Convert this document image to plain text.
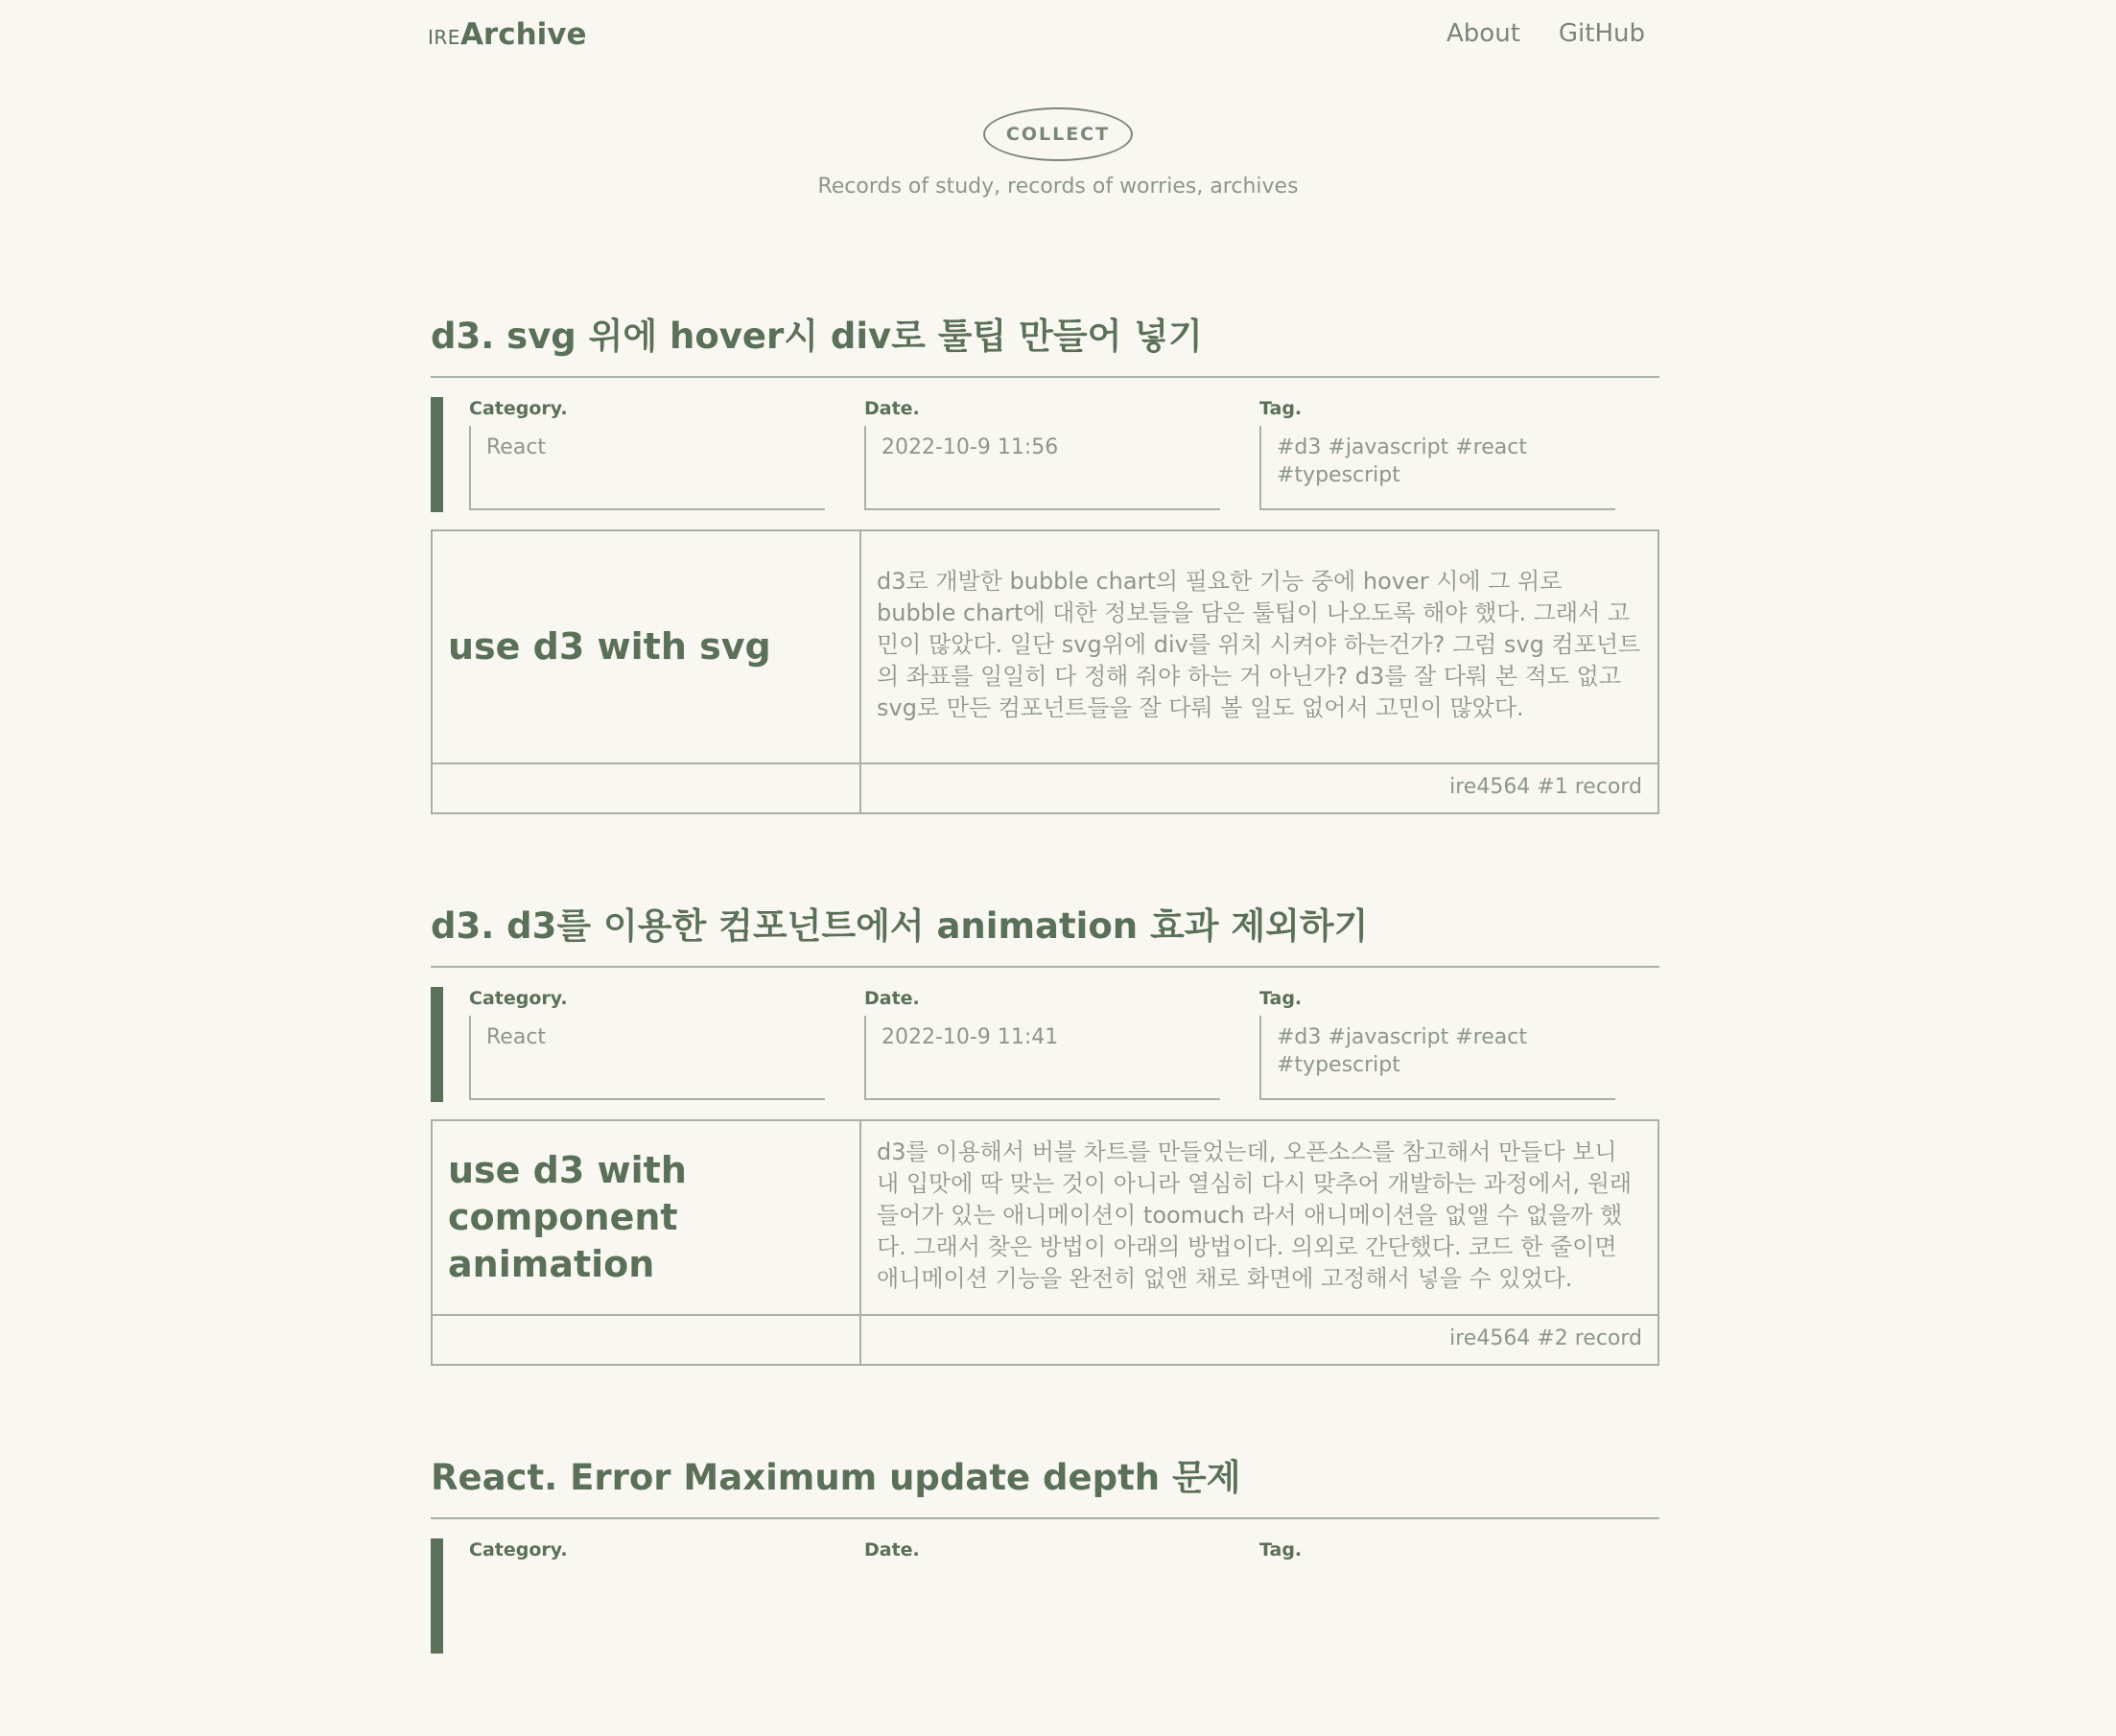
IREArchive	About GitHub
COLLECT
Records of study, records of worries, archives
d3. svg 위에 hover시 div로 툴팁 만들어 넣기
Category.
React
Date.
2022-10-9 11:56
Tag.
#d3 #javascript #react #typescript
use d3 with svg
d3로 개발한 bubble chart의 필요한 기능 중에 hover 시에 그 위로 bubble chart에 대한 정보들을 담은 툴팁이 나오도록 해야 했다. 그래서 고민이 많았다. 일단 svg위에 div를 위치 시켜야 하는건가? 그럼 svg 컴포넌트의 좌표를 일일히 다 정해 줘야 하는 거 아닌가? d3를 잘 다뤄 본 적도 없고 svg로 만든 컴포넌트들을 잘 다뤄 볼 일도 없어서 고민이 많았다.
ire4564 #1 record
d3. d3를 이용한 컴포넌트에서 animation 효과 제외하기
Category.
React
Date.
2022-10-9 11:41
Tag.
#d3 #javascript #react #typescript
use d3 with component animation
d3를 이용해서 버블 차트를 만들었는데, 오픈소스를 참고해서 만들다 보니 내 입맛에 딱 맞는 것이 아니라 열심히 다시 맞추어 개발하는 과정에서, 원래 들어가 있는 애니메이션이 toomuch 라서 애니메이션을 없앨 수 없을까 했다. 그래서 찾은 방법이 아래의 방법이다. 의외로 간단했다. 코드 한 줄이면 애니메이션 기능을 완전히 없앤 채로 화면에 고정해서 넣을 수 있었다.
ire4564 #2 record
React. Error Maximum update depth 문제
Category.	Date.	Tag.
